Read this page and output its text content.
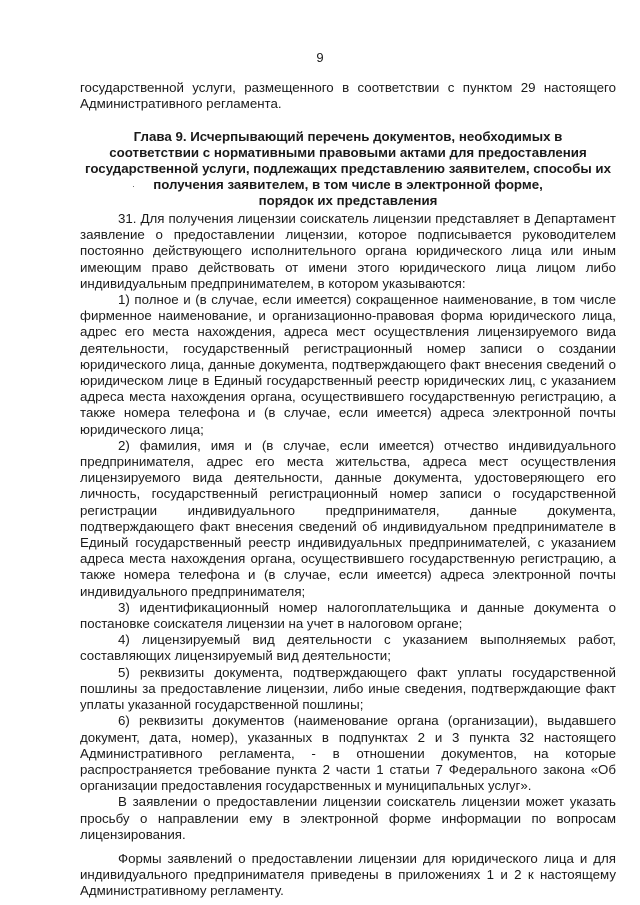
9

государственной услуги, размещенного в соответствии с пунктом 29 настоящего Административного регламента.

Глава 9. Исчерпывающий перечень документов, необходимых в
соответствии с нормативными правовыми актами для предоставления
государственной услуги, подлежащих представлению заявителем, способы их
получения заявителем, в том числе в электронной форме,
порядок их представления
·

31. Для получения лицензии соискатель лицензии представляет в Департамент заявление о предоставлении лицензии, которое подписывается руководителем постоянно действующего исполнительного органа юридического лица или иным имеющим право действовать от имени этого юридического лица лицом либо индивидуальным предпринимателем, в котором указываются:

1) полное и (в случае, если имеется) сокращенное наименование, в том числе фирменное наименование, и организационно-правовая форма юридического лица, адрес его места нахождения, адреса мест осуществления лицензируемого вида деятельности, государственный регистрационный номер записи о создании юридического лица, данные документа, подтверждающего факт внесения сведений о юридическом лице в Единый государственный реестр юридических лиц, с указанием адреса места нахождения органа, осуществившего государственную регистрацию, а также номера телефона и (в случае, если имеется) адреса электронной почты юридического лица;

2) фамилия, имя и (в случае, если имеется) отчество индивидуального предпринимателя, адрес его места жительства, адреса мест осуществления лицензируемого вида деятельности, данные документа, удостоверяющего его личность, государственный регистрационный номер записи о государственной регистрации индивидуального предпринимателя, данные документа, подтверждающего факт внесения сведений об индивидуальном предпринимателе в Единый государственный реестр индивидуальных предпринимателей, с указанием адреса места нахождения органа, осуществившего государственную регистрацию, а также номера телефона и (в случае, если имеется) адреса электронной почты индивидуального предпринимателя;

3) идентификационный номер налогоплательщика и данные документа о постановке соискателя лицензии на учет в налоговом органе;

4) лицензируемый вид деятельности с указанием выполняемых работ, составляющих лицензируемый вид деятельности;

5) реквизиты документа, подтверждающего факт уплаты государственной пошлины за предоставление лицензии, либо иные сведения, подтверждающие факт уплаты указанной государственной пошлины;

6) реквизиты документов (наименование органа (организации), выдавшего документ, дата, номер), указанных в подпунктах 2 и 3 пункта 32 настоящего Административного регламента, - в отношении документов, на которые распространяется требование пункта 2 части 1 статьи 7 Федерального закона «Об организации предоставления государственных и муниципальных услуг».

В заявлении о предоставлении лицензии соискатель лицензии может указать просьбу о направлении ему в электронной форме информации по вопросам лицензирования.

Формы заявлений о предоставлении лицензии для юридического лица и для индивидуального предпринимателя приведены в приложениях 1 и 2 к настоящему Административному регламенту.
